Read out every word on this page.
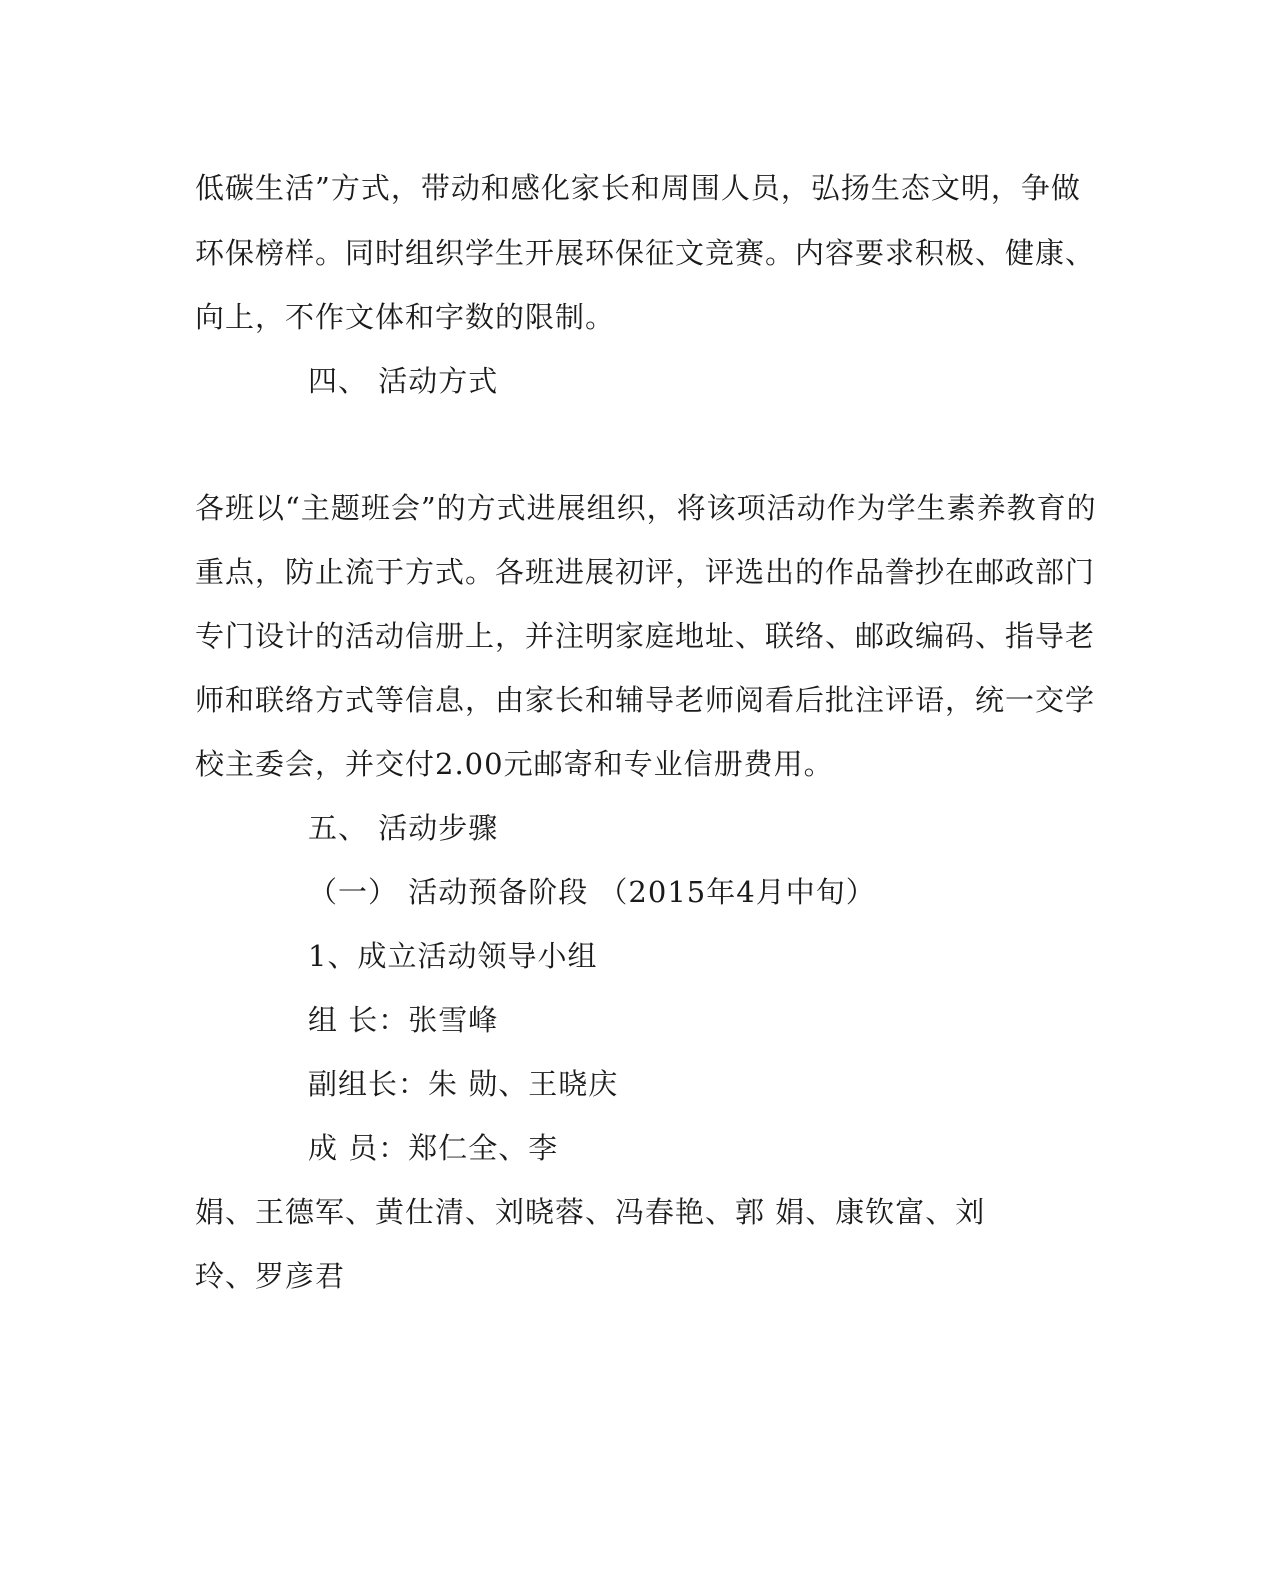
低碳生活”方式，带动和感化家长和周围人员，弘扬生态文明，争做
环保榜样。同时组织学生开展环保征文竞赛。内容要求积极、健康、
向上，不作文体和字数的限制。
四、 活动方式
各班以“主题班会”的方式进展组织，将该项活动作为学生素养教育的
重点，防止流于方式。各班进展初评，评选出的作品誊抄在邮政部门
专门设计的活动信册上，并注明家庭地址、联络、邮政编码、指导老
师和联络方式等信息，由家长和辅导老师阅看后批注评语，统一交学
校主委会，并交付2.00元邮寄和专业信册费用。
五、 活动步骤
（一） 活动预备阶段 （2015年4月中旬）
1、成立活动领导小组
组 长：张雪峰
副组长：朱 勋、王晓庆
成 员：郑仁全、李
娟、王德军、黄仕清、刘晓蓉、冯春艳、郭 娟、康钦富、刘
玲、罗彦君
